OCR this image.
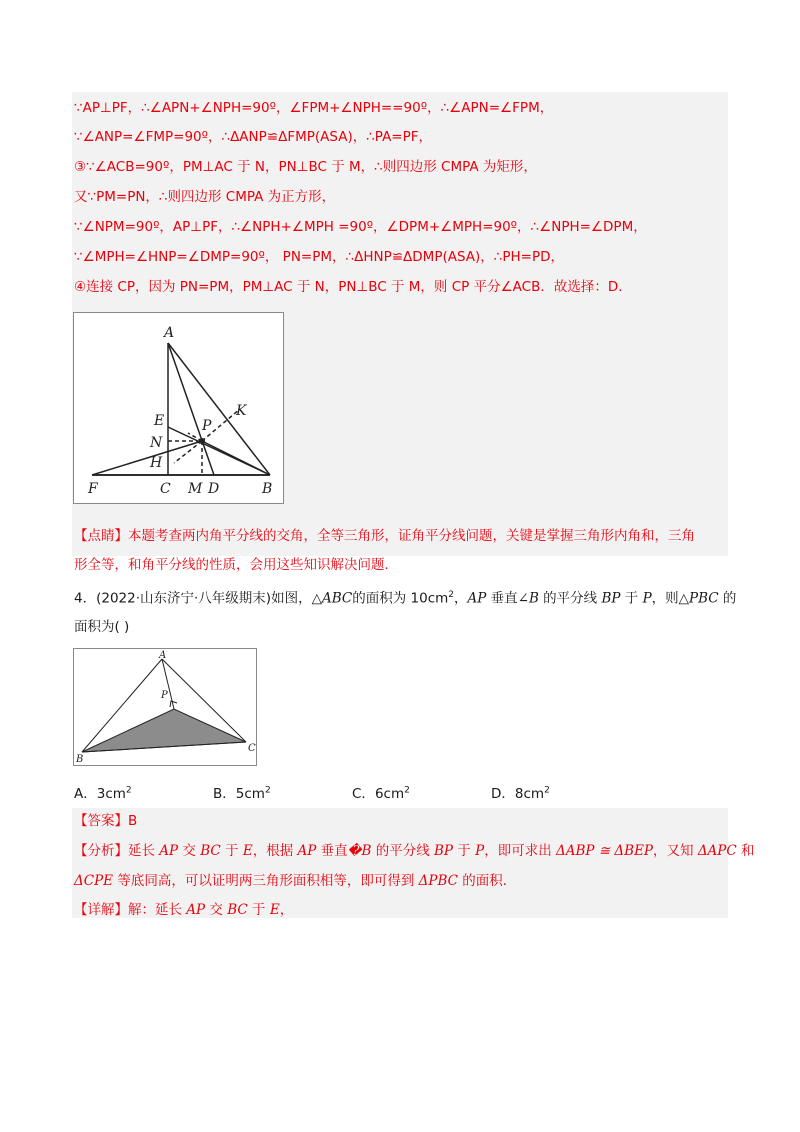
∵AP⊥PF，∴∠APN+∠NPH=90º，∠FPM+∠NPH==90º，∴∠APN=∠FPM，
∵∠ANP=∠FMP=90º，∴ΔANP≌ΔFMP(ASA)，∴PA=PF，
③∵∠ACB=90º，PM⊥AC 于 N，PN⊥BC 于 M，∴则四边形 CMPA 为矩形，
又∵PM=PN，∴则四边形 CMPA 为正方形，
∵∠NPM=90º，AP⊥PF，∴∠NPH+∠MPH =90º，∠DPM+∠MPH=90º，∴∠NPH=∠DPM，
∵∠MPH=∠HNP=∠DMP=90º， PN=PM，∴ΔHNP≌ΔDMP(ASA)，∴PH=PD，
④连接 CP，因为 PN=PM，PM⊥AC 于 N，PN⊥BC 于 M，则 CP 平分∠ACB．故选择：D．
A
E	P
K
N
H
F	C M D	B
【点睛】本题考查两内角平分线的交角，全等三角形，证角平分线问题，关键是掌握三角形内角和，三角
形全等，和角平分线的性质，会用这些知识解决问题．
4．(2022·山东济宁·八年级期末)如图，△ABC的面积为 $10cm^2$，AP 垂直∠B 的平分线 BP 于 P，则△PBC 的
面积为( )
A
P
B
C
A．$3cm^2$	B．$5cm^2$	C．$6cm^2$	D．$8cm^2$
【答案】B
【分析】延长 AP 交 BC 于 E，根据 AP 垂直�B 的平分线 BP 于 P，即可求出 ΔABP ≅ ΔBEP，又知 ΔAPC 和
ΔCPE 等底同高，可以证明两三角形面积相等，即可得到 ΔPBC 的面积．
【详解】解：延长 AP 交 BC 于 E，
